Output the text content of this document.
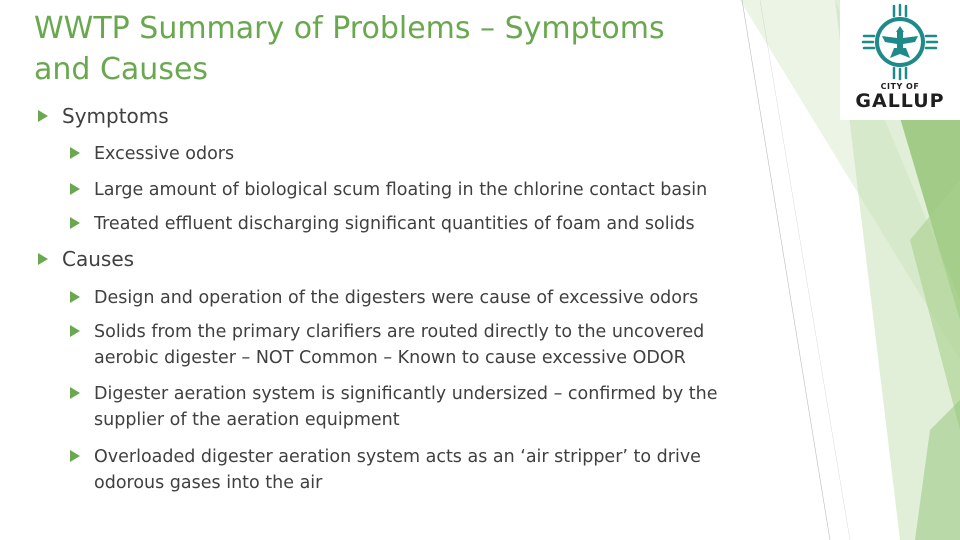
WWTP Summary of Problems – Symptoms
and Causes
Symptoms
Excessive odors
Large amount of biological scum floating in the chlorine contact basin
Treated effluent discharging significant quantities of foam and solids
Causes
Design and operation of the digesters were cause of excessive odors
Solids from the primary clarifiers are routed directly to the uncovered
aerobic digester – NOT Common – Known to cause excessive ODOR
Digester aeration system is significantly undersized – confirmed by the
supplier of the aeration equipment
Overloaded digester aeration system acts as an ‘air stripper’ to drive
odorous gases into the air
CITY OF
GALLUP
